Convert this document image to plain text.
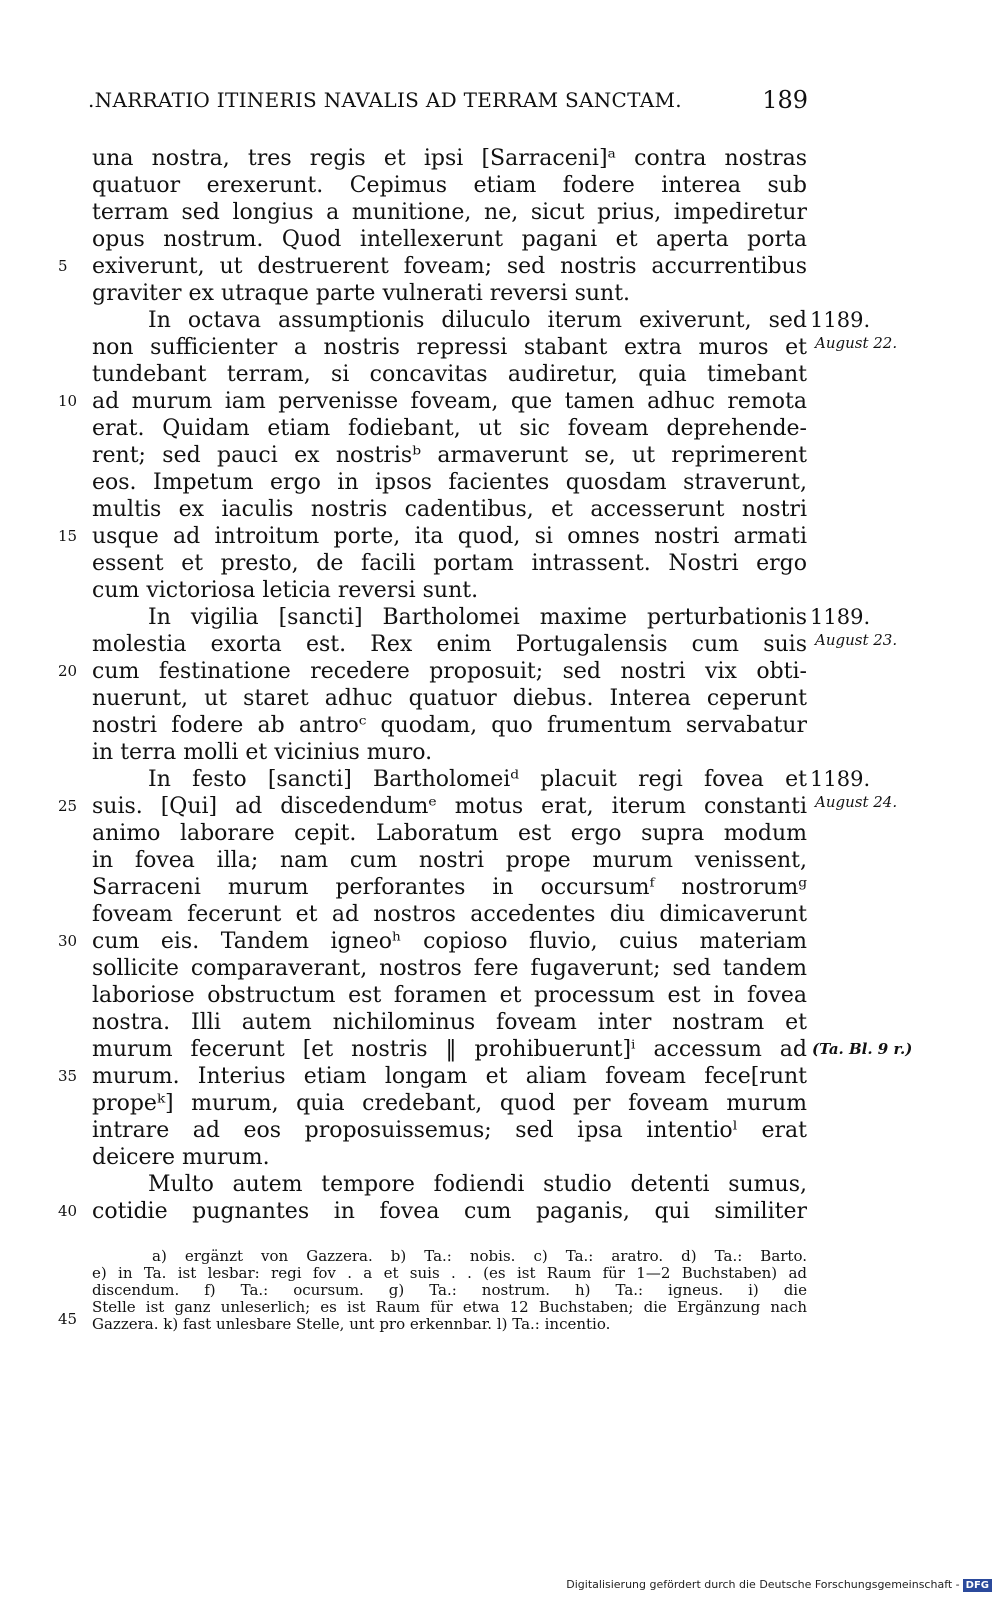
.NARRATIO ITINERIS NAVALIS AD TERRAM SANCTAM.	189
una nostra, tres regis et ipsi [Sarraceni]ᵃ contra nostras
quatuor erexerunt. Cepimus etiam fodere interea sub
terram sed longius a munitione, ne, sicut prius, impediretur
opus nostrum. Quod intellexerunt pagani et aperta porta
exiverunt, ut destruerent foveam; sed nostris accurrentibus
graviter ex utraque parte vulnerati reversi sunt.
In octava assumptionis diluculo iterum exiverunt, sed
non sufficienter a nostris repressi stabant extra muros et
tundebant terram, si concavitas audiretur, quia timebant
ad murum iam pervenisse foveam, que tamen adhuc remota
erat. Quidam etiam fodiebant, ut sic foveam deprehende-
rent; sed pauci ex nostrisᵇ armaverunt se, ut reprimerent
eos. Impetum ergo in ipsos facientes quosdam straverunt,
multis ex iaculis nostris cadentibus, et accesserunt nostri
usque ad introitum porte, ita quod, si omnes nostri armati
essent et presto, de facili portam intrassent. Nostri ergo
cum victoriosa leticia reversi sunt.
In vigilia [sancti] Bartholomei maxime perturbationis
molestia exorta est. Rex enim Portugalensis cum suis
cum festinatione recedere proposuit; sed nostri vix obti-
nuerunt, ut staret adhuc quatuor diebus. Interea ceperunt
nostri fodere ab antroᶜ quodam, quo frumentum servabatur
in terra molli et vicinius muro.
In festo [sancti] Bartholomeiᵈ placuit regi fovea et
suis. [Qui] ad discedendumᵉ motus erat, iterum constanti
animo laborare cepit. Laboratum est ergo supra modum
in fovea illa; nam cum nostri prope murum venissent,
Sarraceni murum perforantes in occursumᶠ nostrorumᵍ
foveam fecerunt et ad nostros accedentes diu dimicaverunt
cum eis. Tandem igneoʰ copioso fluvio, cuius materiam
sollicite comparaverant, nostros fere fugaverunt; sed tandem
laboriose obstructum est foramen et processum est in fovea
nostra. Illi autem nichilominus foveam inter nostram et
murum fecerunt [et nostris ‖ prohibuerunt]ⁱ accessum ad
murum. Interius etiam longam et aliam foveam fece[runt
propeᵏ] murum, quia credebant, quod per foveam murum
intrare ad eos proposuissemus; sed ipsa intentioˡ erat
deicere murum.
Multo autem tempore fodiendi studio detenti sumus,
cotidie pugnantes in fovea cum paganis, qui similiter
5
10
15
20
25
30
35
40
1189.
August 22.
1189.
August 23.
1189.
August 24.
(Ta. Bl. 9 r.)
a) ergänzt von Gazzera. b) Ta.: nobis. c) Ta.: aratro. d) Ta.: Barto.
e) in Ta. ist lesbar: regi fov . a et suis . . (es ist Raum für 1—2 Buchstaben) ad
discendum. f) Ta.: ocursum. g) Ta.: nostrum. h) Ta.: igneus. i) die
Stelle ist ganz unleserlich; es ist Raum für etwa 12 Buchstaben; die Ergänzung nach
Gazzera. k) fast unlesbare Stelle, unt pro erkennbar. l) Ta.: incentio.
45
Digitalisierung gefördert durch die Deutsche Forschungsgemeinschaft - DFG
